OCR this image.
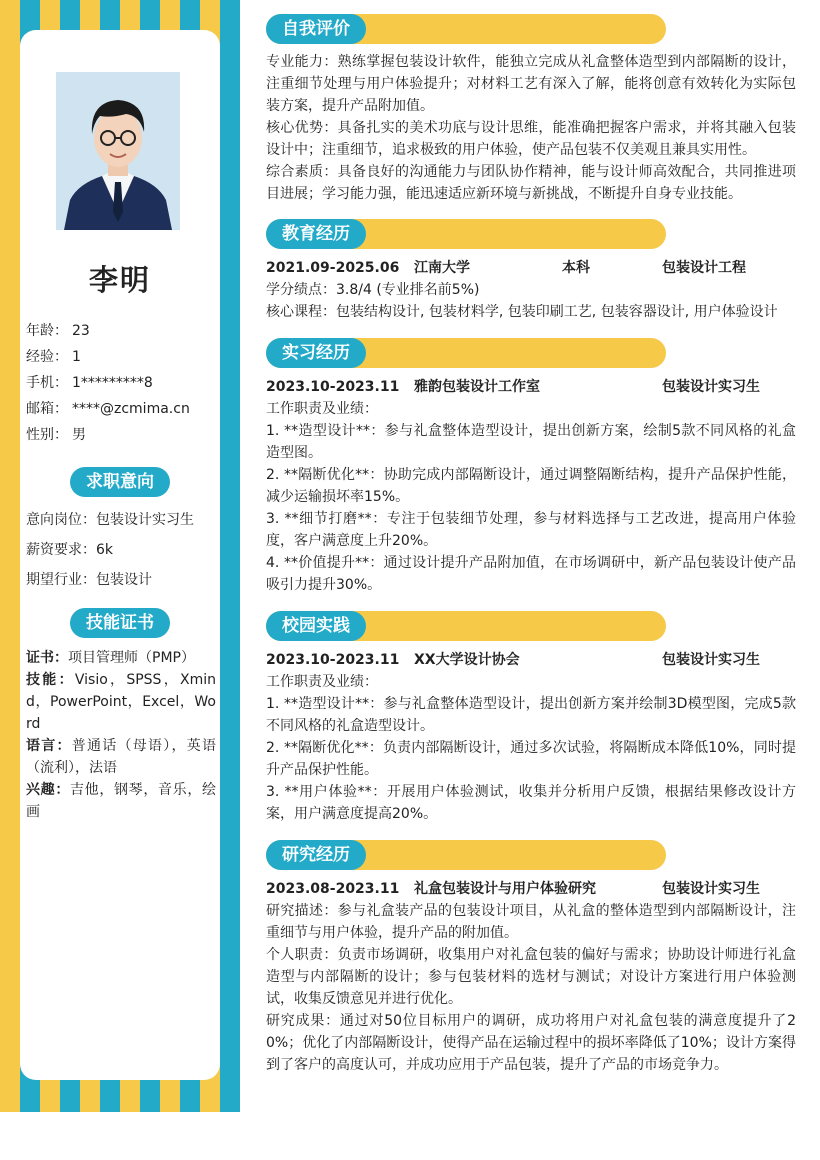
李明
年龄： 23
经验： 1
手机： 1*********8
邮箱： ****@zcmima.cn
性别： 男
求职意向
意向岗位：包装设计实习生
薪资要求：6k
期望行业：包装设计
技能证书
证书：项目管理师（PMP）
技能：Visio，SPSS，Xmind，PowerPoint，Excel，Word
语言：普通话（母语），英语（流利），法语
兴趣：吉他，钢琴，音乐，绘画
自我评价

专业能力：熟练掌握包装设计软件，能独立完成从礼盒整体造型到内部隔断的设计，注重细节处理与用户体验提升；对材料工艺有深入了解，能将创意有效转化为实际包装方案，提升产品附加值。

核心优势：具备扎实的美术功底与设计思维，能准确把握客户需求，并将其融入包装设计中；注重细节，追求极致的用户体验，使产品包装不仅美观且兼具实用性。

综合素质：具备良好的沟通能力与团队协作精神，能与设计师高效配合，共同推进项目进展；学习能力强，能迅速适应新环境与新挑战，不断提升自身专业技能。

教育经历
2021.09-2025.06 江南大学	本科	包装设计工程

学分绩点：3.8/4 (专业排名前5%)

核心课程：包装结构设计, 包装材料学, 包装印刷工艺, 包装容器设计, 用户体验设计

实习经历
2023.10-2023.11 雅韵包装设计工作室	包装设计实习生

工作职责及业绩：

1. **造型设计**：参与礼盒整体造型设计，提出创新方案，绘制5款不同风格的礼盒造型图。

2. **隔断优化**：协助完成内部隔断设计，通过调整隔断结构，提升产品保护性能，减少运输损坏率15%。

3. **细节打磨**：专注于包装细节处理，参与材料选择与工艺改进，提高用户体验度，客户满意度上升20%。

4. **价值提升**：通过设计提升产品附加值，在市场调研中，新产品包装设计使产品吸引力提升30%。

校园实践
2023.10-2023.11 XX大学设计协会	包装设计实习生

工作职责及业绩：

1. **造型设计**：参与礼盒整体造型设计，提出创新方案并绘制3D模型图，完成5款不同风格的礼盒造型设计。

2. **隔断优化**：负责内部隔断设计，通过多次试验，将隔断成本降低10%，同时提升产品保护性能。

3. **用户体验**：开展用户体验测试，收集并分析用户反馈，根据结果修改设计方案，用户满意度提高20%。

研究经历
2023.08-2023.11 礼盒包装设计与用户体验研究	包装设计实习生

研究描述：参与礼盒装产品的包装设计项目，从礼盒的整体造型到内部隔断设计，注重细节与用户体验，提升产品的附加值。

个人职责：负责市场调研，收集用户对礼盒包装的偏好与需求；协助设计师进行礼盒造型与内部隔断的设计；参与包装材料的选材与测试；对设计方案进行用户体验测试，收集反馈意见并进行优化。

研究成果：通过对50位目标用户的调研，成功将用户对礼盒包装的满意度提升了20%；优化了内部隔断设计，使得产品在运输过程中的损坏率降低了10%；设计方案得到了客户的高度认可，并成功应用于产品包装，提升了产品的市场竞争力。
